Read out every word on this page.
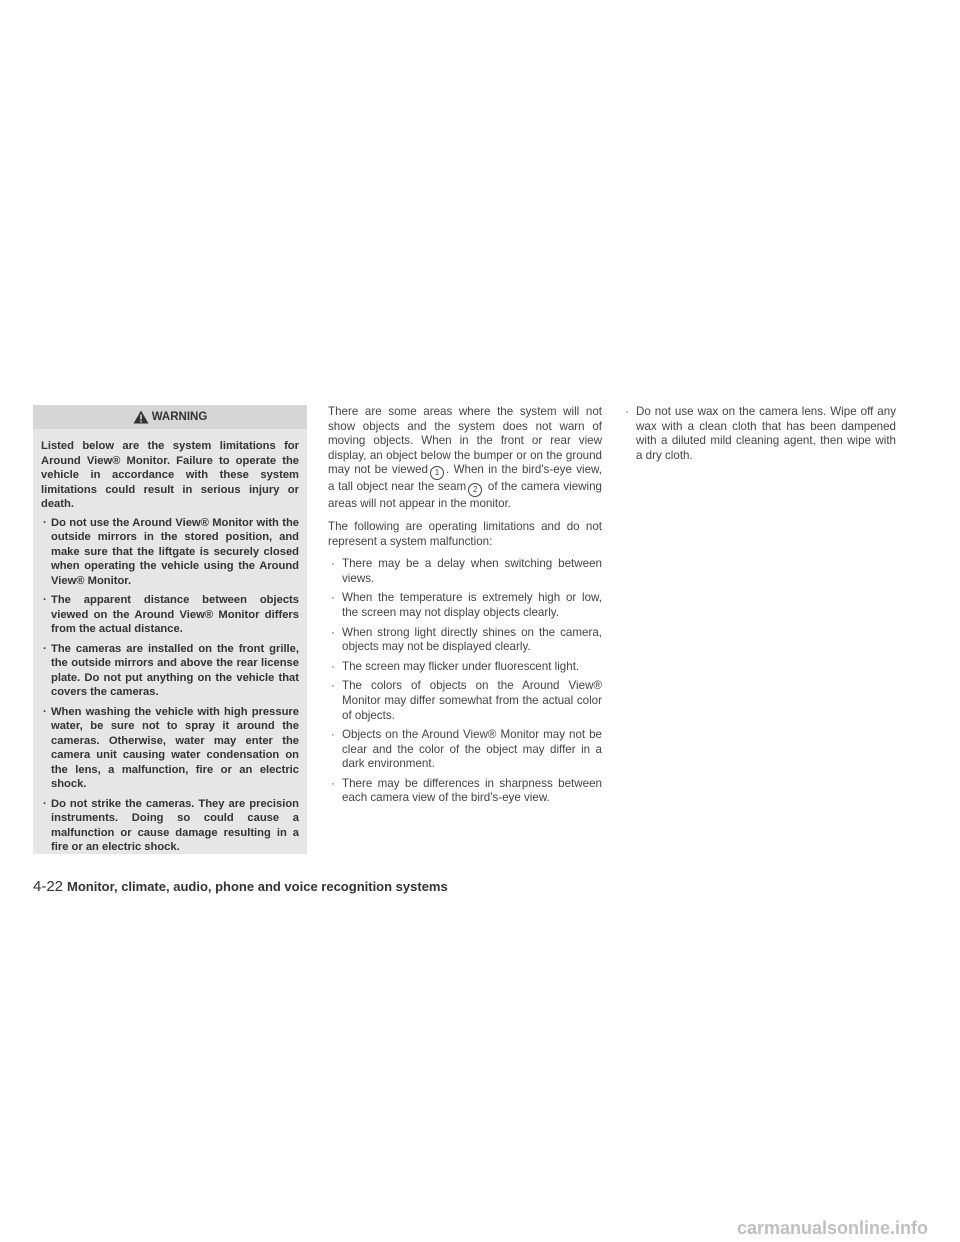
WARNING

Listed below are the system limitations for Around View® Monitor. Failure to operate the vehicle in accordance with these system limitations could result in serious injury or death.

· Do not use the Around View® Monitor with the outside mirrors in the stored position, and make sure that the liftgate is securely closed when operating the vehicle using the Around View® Monitor.
· The apparent distance between objects viewed on the Around View® Monitor differs from the actual distance.
· The cameras are installed on the front grille, the outside mirrors and above the rear license plate. Do not put anything on the vehicle that covers the cameras.
· When washing the vehicle with high pressure water, be sure not to spray it around the cameras. Otherwise, water may enter the camera unit causing water condensation on the lens, a malfunction, fire or an electric shock.
· Do not strike the cameras. They are precision instruments. Doing so could cause a malfunction or cause damage resulting in a fire or an electric shock.

There are some areas where the system will not show objects and the system does not warn of moving objects. When in the front or rear view display, an object below the bumper or on the ground may not be viewed 1 . When in the bird's-eye view, a tall object near the seam 2 of the camera viewing areas will not appear in the monitor.

The following are operating limitations and do not represent a system malfunction:

· There may be a delay when switching between views.
· When the temperature is extremely high or low, the screen may not display objects clearly.
· When strong light directly shines on the camera, objects may not be displayed clearly.
· The screen may flicker under fluorescent light.
· The colors of objects on the Around View® Monitor may differ somewhat from the actual color of objects.
· Objects on the Around View® Monitor may not be clear and the color of the object may differ in a dark environment.
· There may be differences in sharpness between each camera view of the bird's-eye view.
· Do not use wax on the camera lens. Wipe off any wax with a clean cloth that has been dampened with a diluted mild cleaning agent, then wipe with a dry cloth.
4-22 Monitor, climate, audio, phone and voice recognition systems
carmanualsonline.info
